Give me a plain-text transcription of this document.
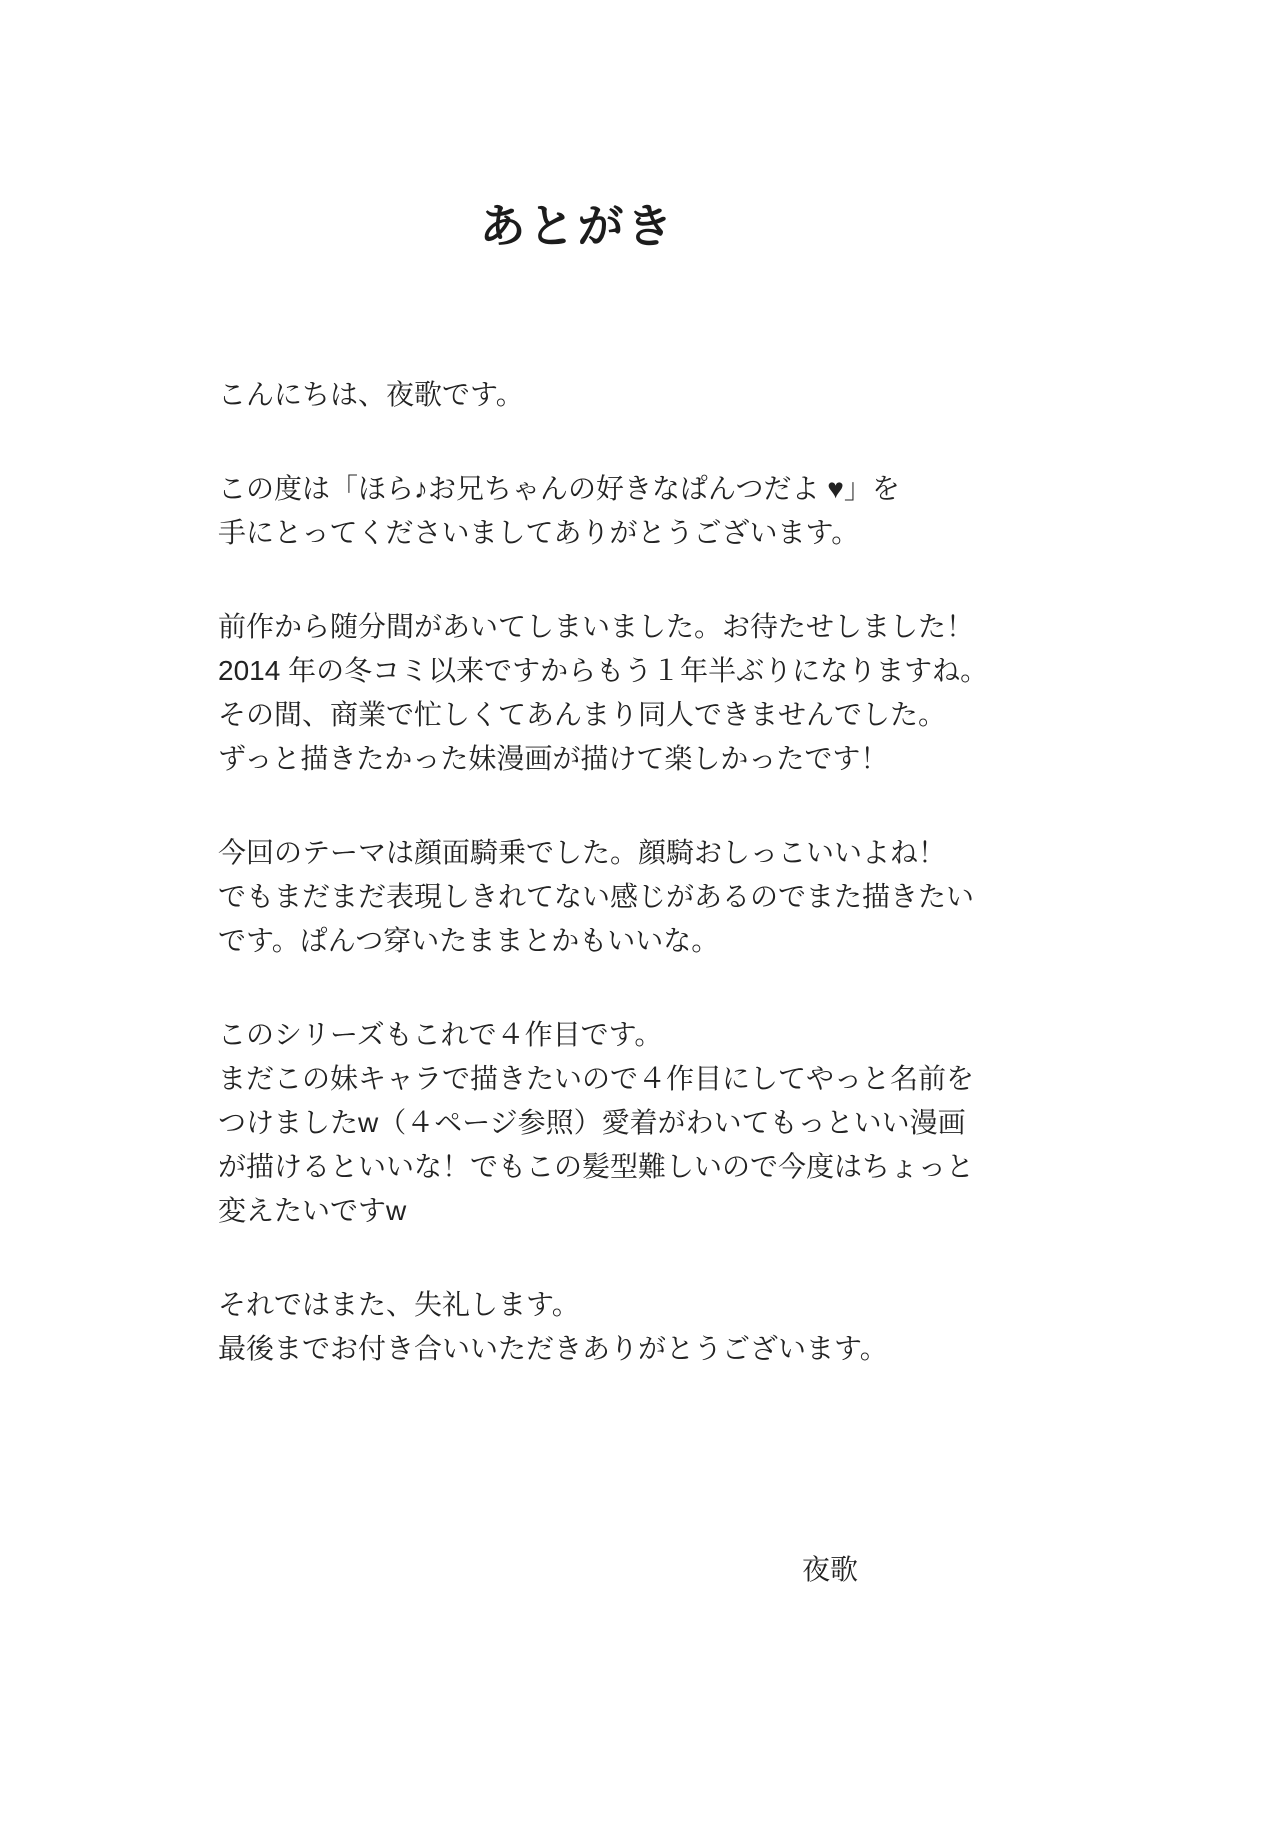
あとがき

こんにちは、夜歌です。

この度は「ほら♪お兄ちゃんの好きなぱんつだよ ♥」を
手にとってくださいましてありがとうございます。

前作から随分間があいてしまいました。お待たせしました！
2014 年の冬コミ以来ですからもう１年半ぶりになりますね。
その間、商業で忙しくてあんまり同人できませんでした。
ずっと描きたかった妹漫画が描けて楽しかったです！

今回のテーマは顔面騎乗でした。顔騎おしっこいいよね！
でもまだまだ表現しきれてない感じがあるのでまた描きたい
です。ぱんつ穿いたままとかもいいな。

このシリーズもこれで４作目です。
まだこの妹キャラで描きたいので４作目にしてやっと名前を
つけましたw（４ページ参照）愛着がわいてもっといい漫画
が描けるといいな！でもこの髪型難しいので今度はちょっと
変えたいですw

それではまた、失礼します。
最後までお付き合いいただきありがとうございます。

夜歌
